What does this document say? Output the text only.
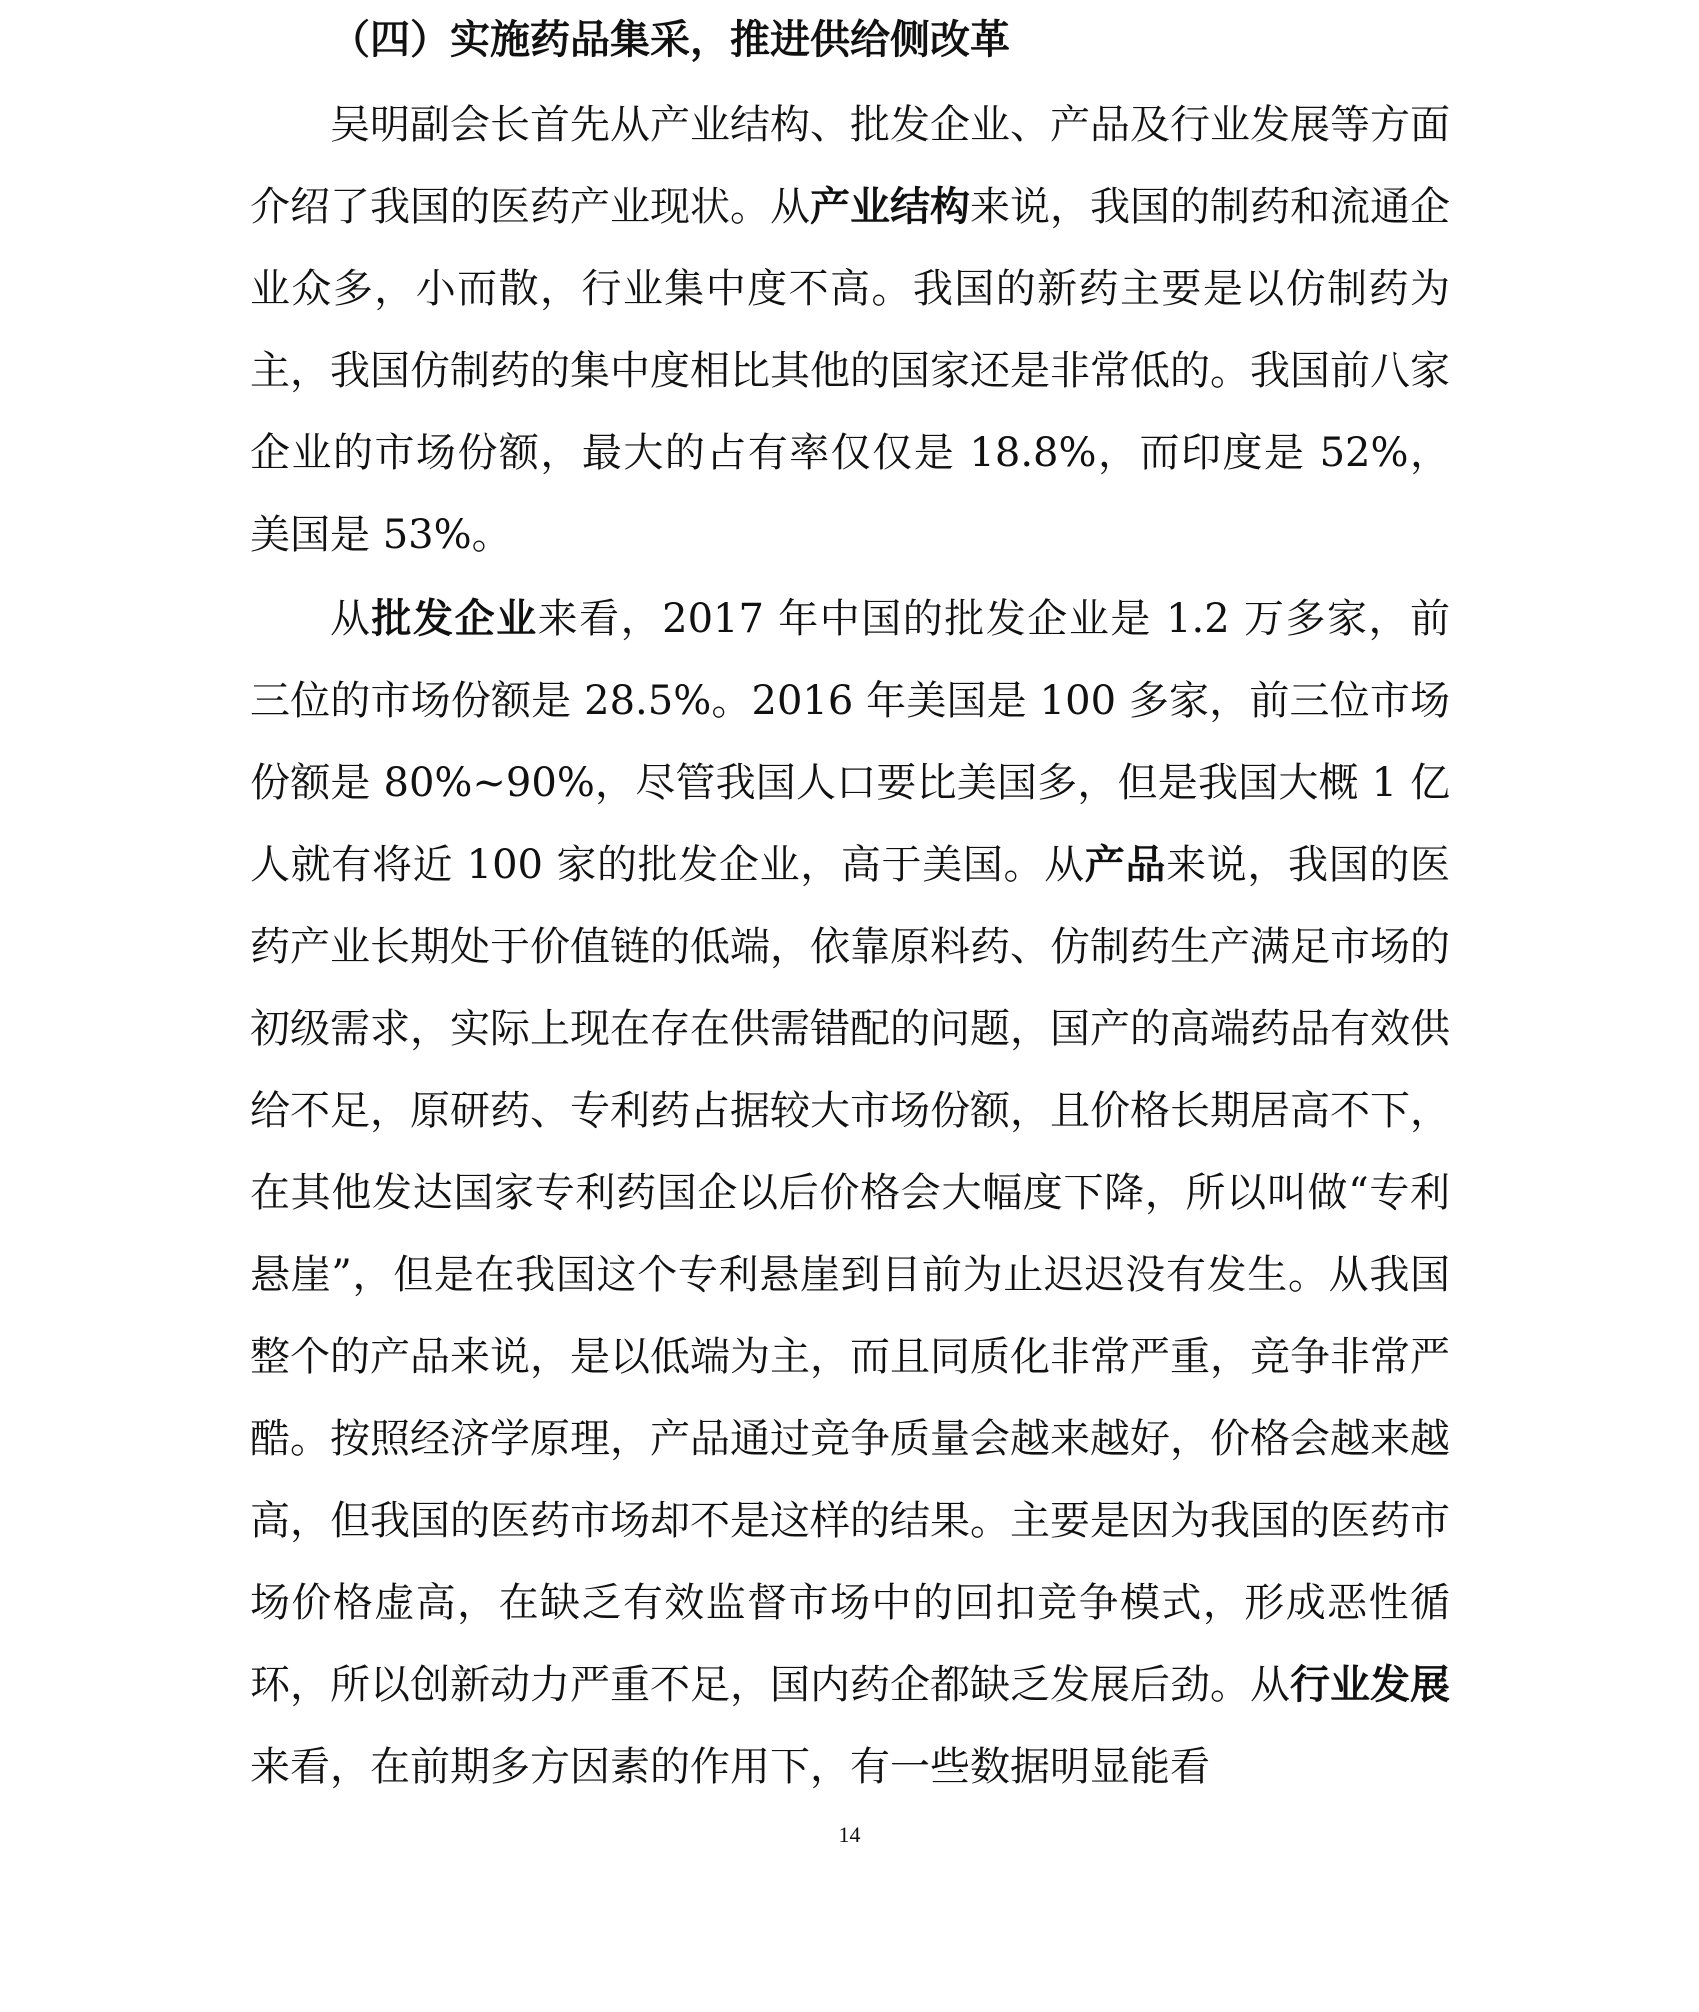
（四）实施药品集采，推进供给侧改革
吴明副会长首先从产业结构、批发企业、产品及行业发展等方面介绍了我国的医药产业现状。从产业结构来说，我国的制药和流通企业众多，小而散，行业集中度不高。我国的新药主要是以仿制药为主，我国仿制药的集中度相比其他的国家还是非常低的。我国前八家企业的市场份额，最大的占有率仅仅是 18.8%，而印度是 52%，美国是 53%。
从批发企业来看，2017 年中国的批发企业是 1.2 万多家，前三位的市场份额是 28.5%。2016 年美国是 100 多家，前三位市场份额是 80%~90%，尽管我国人口要比美国多，但是我国大概 1 亿人就有将近 100 家的批发企业，高于美国。从产品来说，我国的医药产业长期处于价值链的低端，依靠原料药、仿制药生产满足市场的初级需求，实际上现在存在供需错配的问题，国产的高端药品有效供给不足，原研药、专利药占据较大市场份额，且价格长期居高不下，在其他发达国家专利药国企以后价格会大幅度下降，所以叫做“专利悬崖”，但是在我国这个专利悬崖到目前为止迟迟没有发生。从我国整个的产品来说，是以低端为主，而且同质化非常严重，竞争非常严酷。按照经济学原理，产品通过竞争质量会越来越好，价格会越来越高，但我国的医药市场却不是这样的结果。主要是因为我国的医药市场价格虚高，在缺乏有效监督市场中的回扣竞争模式，形成恶性循环，所以创新动力严重不足，国内药企都缺乏发展后劲。从行业发展来看，在前期多方因素的作用下，有一些数据明显能看
14
